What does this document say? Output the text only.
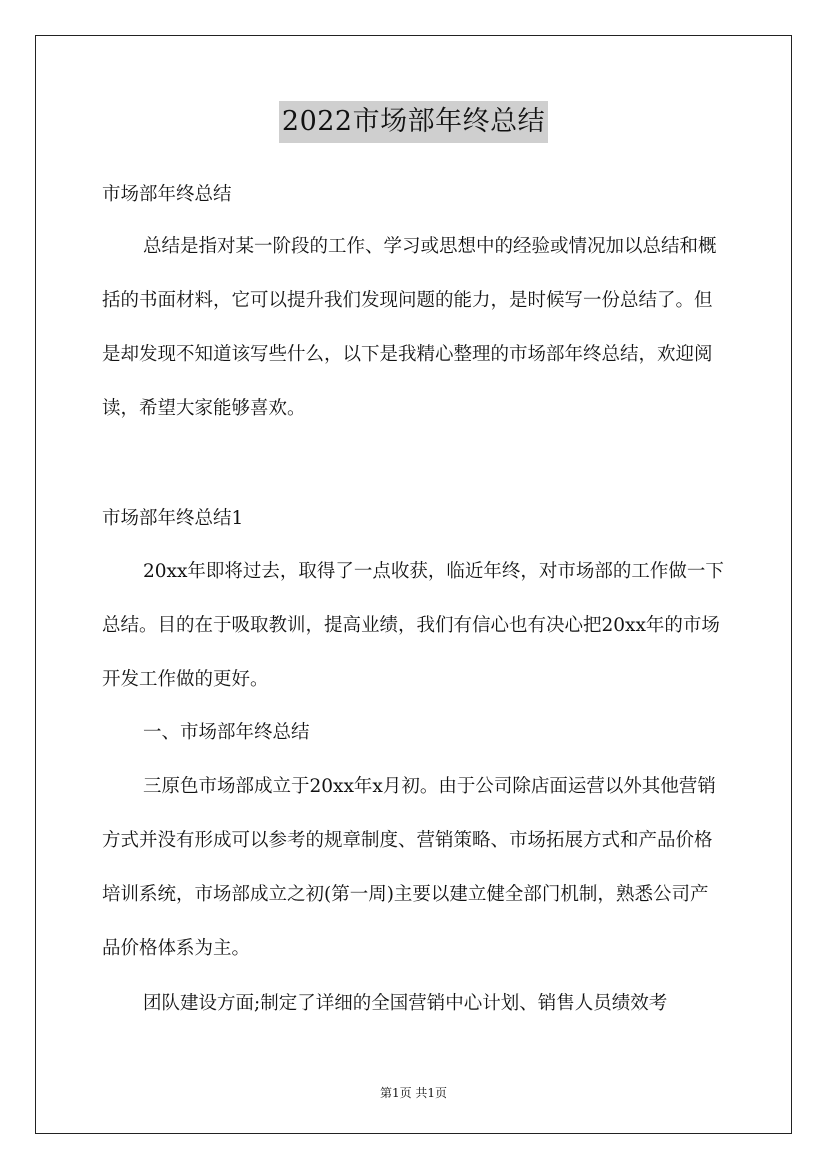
2022市场部年终总结

市场部年终总结

总结是指对某一阶段的工作、学习或思想中的经验或情况加以总结和概括的书面材料，它可以提升我们发现问题的能力，是时候写一份总结了。但是却发现不知道该写些什么，以下是我精心整理的市场部年终总结，欢迎阅读，希望大家能够喜欢。

市场部年终总结1

20xx年即将过去，取得了一点收获，临近年终，对市场部的工作做一下总结。目的在于吸取教训，提高业绩，我们有信心也有决心把20xx年的市场开发工作做的更好。

一、市场部年终总结

三原色市场部成立于20xx年x月初。由于公司除店面运营以外其他营销方式并没有形成可以参考的规章制度、营销策略、市场拓展方式和产品价格培训系统，市场部成立之初(第一周)主要以建立健全部门机制，熟悉公司产品价格体系为主。

团队建设方面;制定了详细的全国营销中心计划、销售人员绩效考

第1页 共1页
